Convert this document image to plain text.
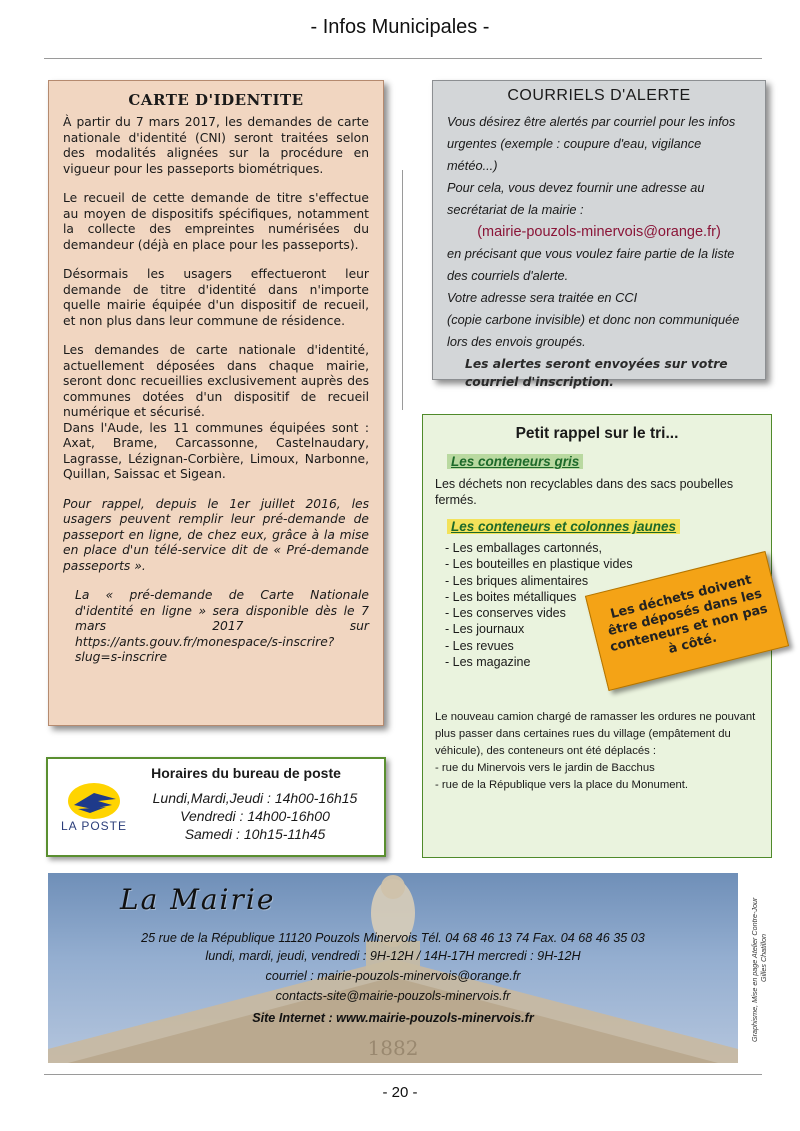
- Infos Municipales -
CARTE D'IDENTITE

À partir du 7 mars 2017, les demandes de carte nationale d'identité (CNI) seront traitées selon des modalités alignées sur la procédure en vigueur pour les passeports biométriques.

Le recueil de cette demande de titre s'effectue au moyen de dispositifs spécifiques, notamment la collecte des empreintes numérisées du demandeur (déjà en place pour les passeports).

Désormais les usagers effectueront leur demande de titre d'identité dans n'importe quelle mairie équipée d'un dispositif de recueil, et non plus dans leur commune de résidence.

Les demandes de carte nationale d'identité, actuellement déposées dans chaque mairie, seront donc recueillies exclusivement auprès des communes dotées d'un dispositif de recueil numérique et sécurisé.

Dans l'Aude, les 11 communes équipées sont : Axat, Brame, Carcassonne, Castelnaudary, Lagrasse, Lézignan-Corbière, Limoux, Narbonne, Quillan, Saissac et Sigean.

Pour rappel, depuis le 1er juillet 2016, les usagers peuvent remplir leur pré-demande de passeport en ligne, de chez eux, grâce à la mise en place d'un télé-service dit de « Pré-demande passeports ».

La « pré-demande de Carte Nationale d'identité en ligne » sera disponible dès le 7 mars 2017 sur https://ants.gouv.fr/monespace/s-inscrire?slug=s-inscrire

COURRIELS D'ALERTE
Vous désirez être alertés par courriel pour les infos
urgentes (exemple : coupure d'eau, vigilance météo...)
Pour cela, vous devez fournir une adresse au
secrétariat de la mairie :
(mairie-pouzols-minervois@orange.fr)
en précisant que vous voulez faire partie de la liste
des courriels d'alerte.
Votre adresse sera traitée en CCI
(copie carbone invisible) et donc non communiquée
lors des envois groupés.
Les alertes seront envoyées sur votre courriel d'inscription.
Petit rappel sur le tri...
Les conteneurs gris
Les déchets non recyclables dans des sacs poubelles fermés.
Les conteneurs et colonnes jaunes
- Les emballages cartonnés,
- Les bouteilles en plastique vides
- Les briques alimentaires
- Les boites métalliques
- Les conserves vides
- Les journaux
- Les revues
- Les magazine
Le nouveau camion chargé de ramasser les ordures ne pouvant
plus passer dans certaines rues du village (empâtement du
véhicule), des conteneurs ont été déplacés :
- rue du Minervois vers le jardin de Bacchus
- rue de la République vers la place du Monument.
Les déchets doivent être déposés dans les conteneurs et non pas à côté.
LA POSTE
Horaires du bureau de poste
Lundi,Mardi,Jeudi : 14h00-16h15
Vendredi : 14h00-16h00
Samedi : 10h15-11h45
1882
La Mairie
25 rue de la République 11120 Pouzols Minervois Tél. 04 68 46 13 74 Fax. 04 68 46 35 03
lundi, mardi, jeudi, vendredi : 9H-12H / 14H-17H mercredi : 9H-12H
courriel : mairie-pouzols-minervois@orange.fr
contacts-site@mairie-pouzols-minervois.fr
Site Internet : www.mairie-pouzols-minervois.fr	Graphisme, Mise en page Atelier Contre-Jour
Gilles Chatillon
- 20 -
